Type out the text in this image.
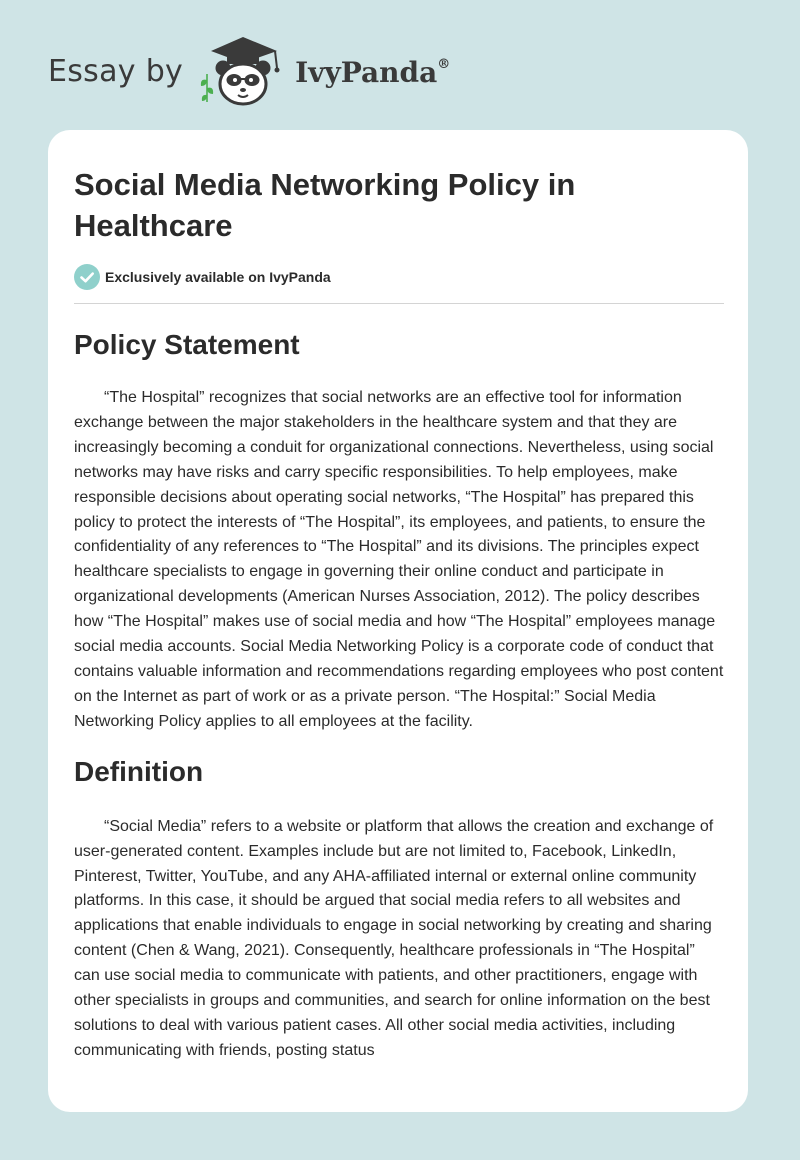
Essay by	IvyPanda®
Social Media Networking Policy in Healthcare
Exclusively available on IvyPanda
Policy Statement

“The Hospital” recognizes that social networks are an effective tool for information exchange between the major stakeholders in the healthcare system and that they are increasingly becoming a conduit for organizational connections. Nevertheless, using social networks may have risks and carry specific responsibilities. To help employees, make responsible decisions about operating social networks, “The Hospital” has prepared this policy to protect the interests of “The Hospital”, its employees, and patients, to ensure the confidentiality of any references to “The Hospital” and its divisions. The principles expect healthcare specialists to engage in governing their online conduct and participate in organizational developments (American Nurses Association, 2012). The policy describes how “The Hospital” makes use of social media and how “The Hospital” employees manage social media accounts. Social Media Networking Policy is a corporate code of conduct that contains valuable information and recommendations regarding employees who post content on the Internet as part of work or as a private person. “The Hospital:” Social Media Networking Policy applies to all employees at the facility.

Definition

“Social Media” refers to a website or platform that allows the creation and exchange of user-generated content. Examples include but are not limited to, Facebook, LinkedIn, Pinterest, Twitter, YouTube, and any AHA-affiliated internal or external online community platforms. In this case, it should be argued that social media refers to all websites and applications that enable individuals to engage in social networking by creating and sharing content (Chen & Wang, 2021). Consequently, healthcare professionals in “The Hospital” can use social media to communicate with patients, and other practitioners, engage with other specialists in groups and communities, and search for online information on the best solutions to deal with various patient cases. All other social media activities, including communicating with friends, posting status
